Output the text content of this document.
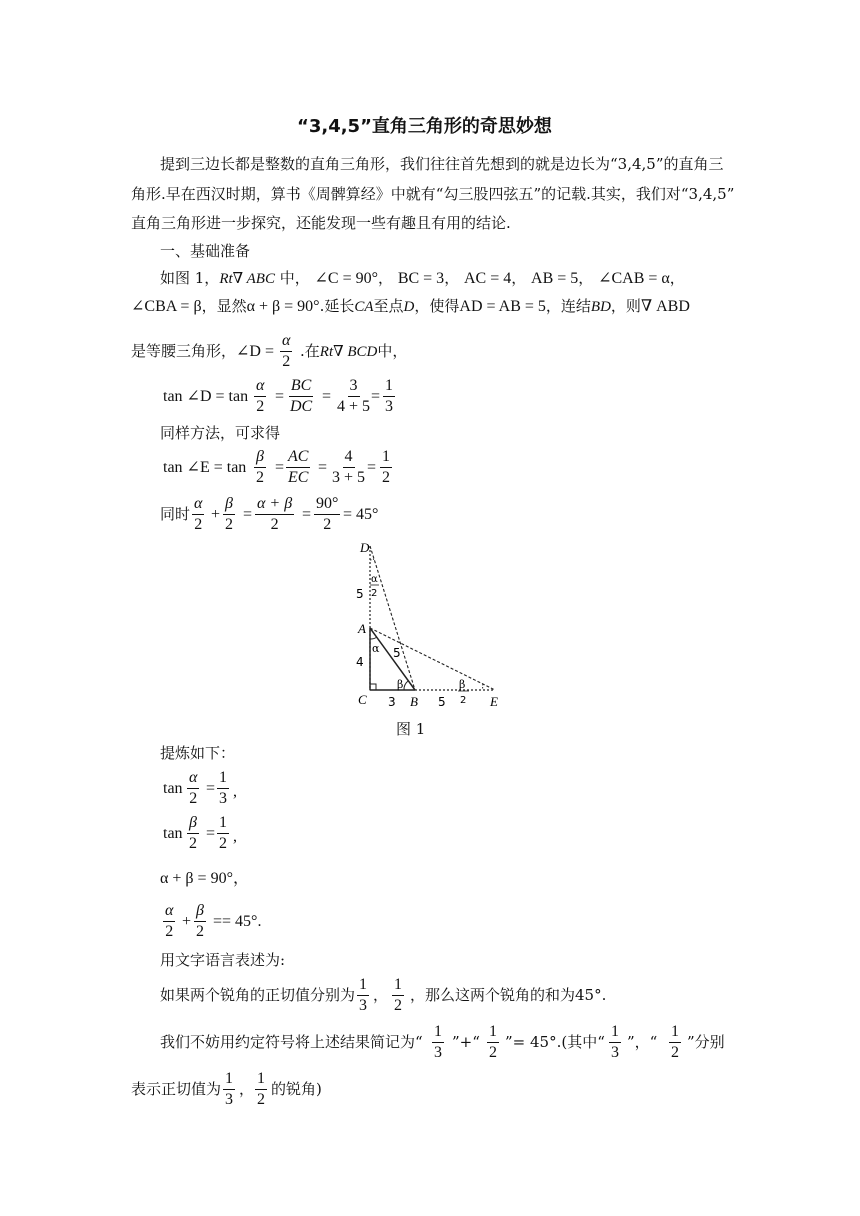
“3,4,5”直角三角形的奇思妙想
提到三边长都是整数的直角三角形，我们往往首先想到的就是边长为“3,4,5”的直角三
角形.早在西汉时期，算书《周髀算经》中就有“勾三股四弦五”的记载.其实，我们对“3,4,5”
直角三角形进一步探究，还能发现一些有趣且有用的结论.
一、基础准备
如图 1，Rt∇ ABC 中， ∠C = 90°， BC = 3， AC = 4， AB = 5， ∠CAB = α，
∠CBA = β，显然α + β = 90°.延长CA至点D，使得AD = AB = 5，连结BD，则∇ ABD
是等腰三角形， ∠D = $\frac{\alpha}{2}$ .在Rt∇ BCD中，
tan ∠D = $\tan \frac{\alpha}{2} = \frac{BC}{DC} = \frac{3}{4 + 5}$
= $\frac{1}{3}$
同样方法，可求得
tan ∠E = $\tan \frac{\beta}{2} = \frac{AC}{EC} = \frac{4}{3 + 5} = \frac{1}{2}$
同时 $\frac{\alpha}{2} + \frac{\beta}{2} = \frac{\alpha + \beta}{2} = \frac{90^\circ}{2} = 45^\circ$
D
A
C	B	E
5
4
3	5
5
α
β
α
2
β
2
图 1
提炼如下：
$\tan \frac{\alpha}{2} = \frac{1}{3}$ ,
$\tan \frac{\beta}{2} = \frac{1}{2}$ ,
α + β = 90°，
$\frac{\alpha}{2} + \frac{\beta}{2} == 45^\circ$.
用文字语言表述为:
如果两个锐角的正切值分别为 $\frac{1}{3}$ ， $\frac{1}{2}$ ，那么这两个锐角的和为45°.
我们不妨用约定符号将上述结果简记为“ $\frac{1}{3}$ ”+“ $\frac{1}{2}$ ”= 45°.(其中“ $\frac{1}{3}$ ”，“ $\frac{1}{2}$ ”分别
表示正切值为 $\frac{1}{3}$ ， $\frac{1}{2}$ 的锐角)
